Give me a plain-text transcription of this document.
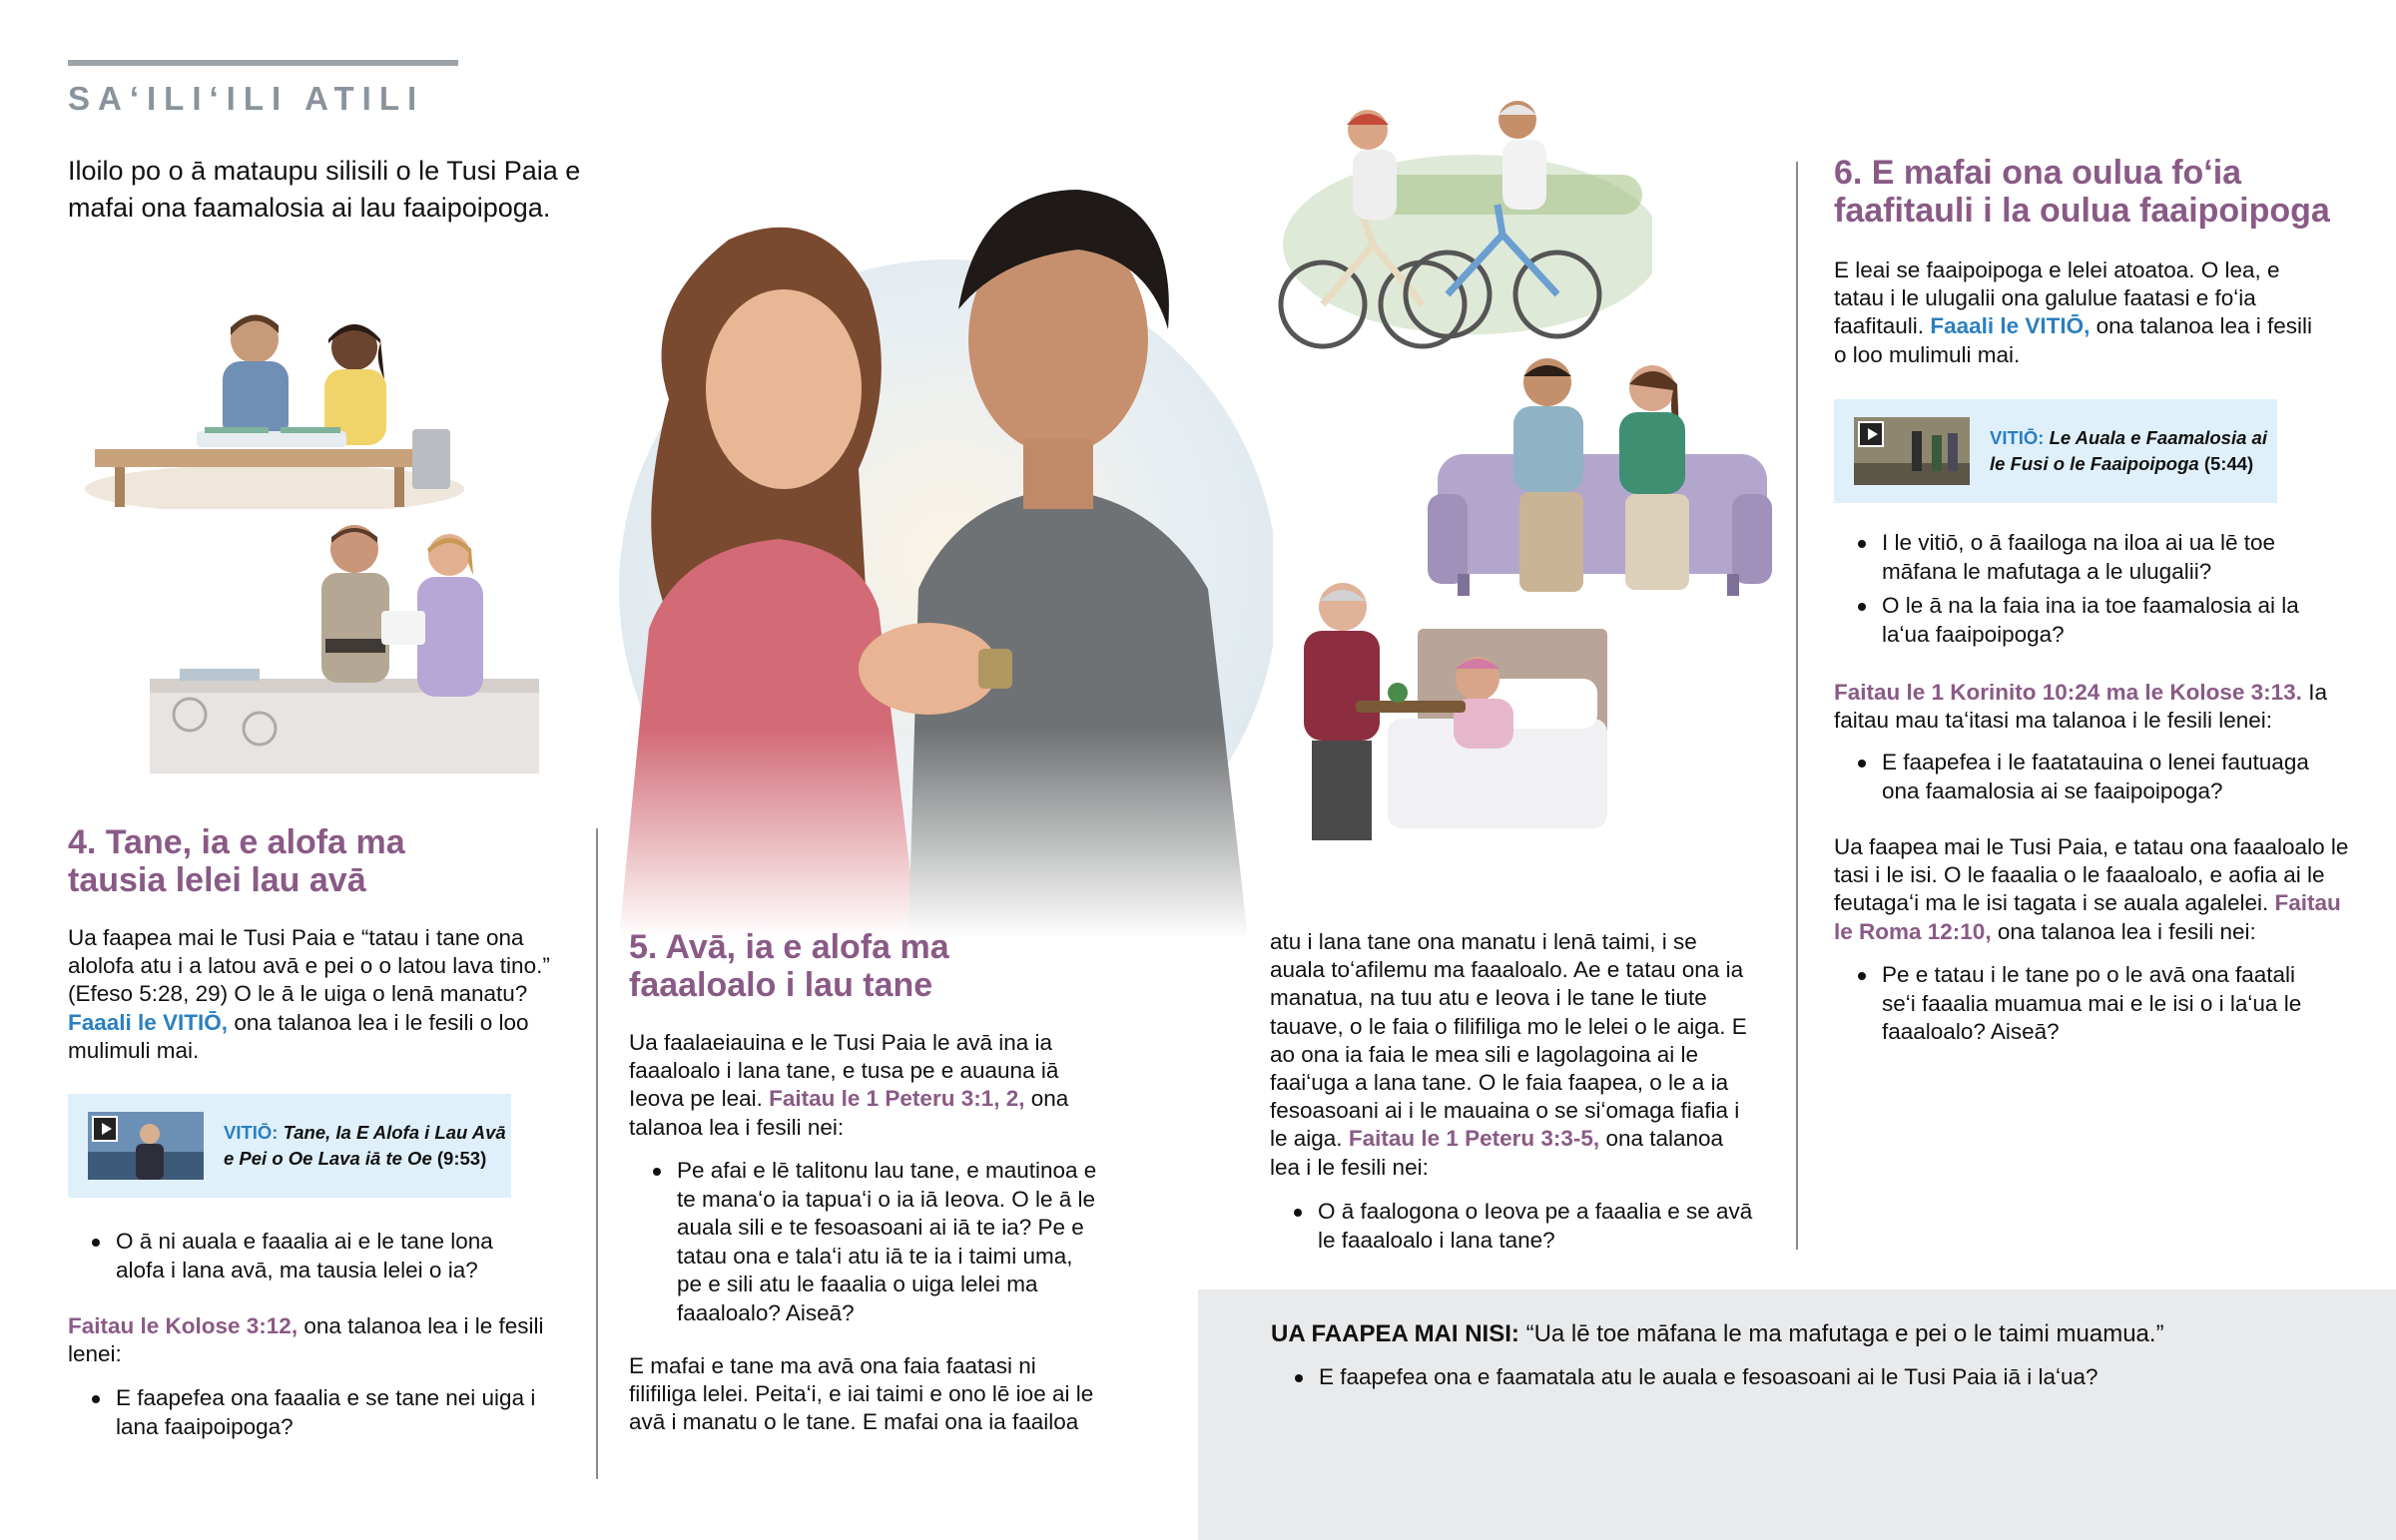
SAʻILIʻILI ATILI
Iloilo po o ā mataupu silisili o le Tusi Paia e mafai ona faamalosia ai lau faaipoipoga.
4. Tane, ia e alofa ma tausia lelei lau avā
Ua faapea mai le Tusi Paia e “tatau i tane ona alolofa atu i a latou avā e pei o o latou lava tino.” (Efeso 5:28, 29) O le ā le uiga o lenā manatu? Faaali le VITIŌ, ona talanoa lea i le fesili o loo mulimuli mai.
VITIŌ: Tane, Ia E Alofa i Lau Avā e Pei o Oe Lava iā te Oe (9:53)
O ā ni auala e faaalia ai e le tane lona alofa i lana avā, ma tausia lelei o ia?
Faitau le Kolose 3:12, ona talanoa lea i le fesili lenei:
E faapefea ona faaalia e se tane nei uiga i lana faaipoipoga?
5. Avā, ia e alofa ma faaaloalo i lau tane
Ua faalaeiauina e le Tusi Paia le avā ina ia faaaloalo i lana tane, e tusa pe e auauna iā Ieova pe leai. Faitau le 1 Peteru 3:1, 2, ona talanoa lea i fesili nei:
Pe afai e lē talitonu lau tane, e mautinoa e te manaʻo ia tapuaʻi o ia iā Ieova. O le ā le auala sili e te fesoasoani ai iā te ia? Pe e tatau ona e talaʻi atu iā te ia i taimi uma, pe e sili atu le faaalia o uiga lelei ma faaaloalo? Aiseā?
E mafai e tane ma avā ona faia faatasi ni filifiliga lelei. Peitaʻi, e iai taimi e ono lē ioe ai le avā i manatu o le tane. E mafai ona ia faailoa
atu i lana tane ona manatu i lenā taimi, i se auala toʻafilemu ma faaaloalo. Ae e tatau ona ia manatua, na tuu atu e Ieova i le tane le tiute tauave, o le faia o filifiliga mo le lelei o le aiga. E ao ona ia faia le mea sili e lagolagoina ai le faaiʻuga a lana tane. O le faia faapea, o le a ia fesoasoani ai i le mauaina o se siʻomaga fiafia i le aiga. Faitau le 1 Peteru 3:3-5, ona talanoa lea i le fesili nei:
O ā faalogona o Ieova pe a faaalia e se avā le faaaloalo i lana tane?
6. E mafai ona oulua foʻia faafitauli i la oulua faaipoipoga
E leai se faaipoipoga e lelei atoatoa. O lea, e tatau i le ulugalii ona galulue faatasi e foʻia faafitauli. Faaali le VITIŌ, ona talanoa lea i fesili o loo mulimuli mai.
VITIŌ: Le Auala e Faamalosia ai le Fusi o le Faaipoipoga (5:44)
I le vitiō, o ā faailoga na iloa ai ua lē toe māfana le mafutaga a le ulugalii?
O le ā na la faia ina ia toe faamalosia ai la laʻua faaipoipoga?
Faitau le 1 Korinito 10:24 ma le Kolose 3:13. Ia faitau mau taʻitasi ma talanoa i le fesili lenei:
E faapefea i le faatatauina o lenei fautuaga ona faamalosia ai se faaipoipoga?
Ua faapea mai le Tusi Paia, e tatau ona faaaloalo le tasi i le isi. O le faaalia o le faaaloalo, e aofia ai le feutagaʻi ma le isi tagata i se auala agalelei. Faitau le Roma 12:10, ona talanoa lea i fesili nei:
Pe e tatau i le tane po o le avā ona faatali seʻi faaalia muamua mai e le isi o i laʻua le faaaloalo? Aiseā?
UA FAAPEA MAI NISI: “Ua lē toe māfana le ma mafutaga e pei o le taimi muamua.”
E faapefea ona e faamatala atu le auala e fesoasoani ai le Tusi Paia iā i laʻua?
